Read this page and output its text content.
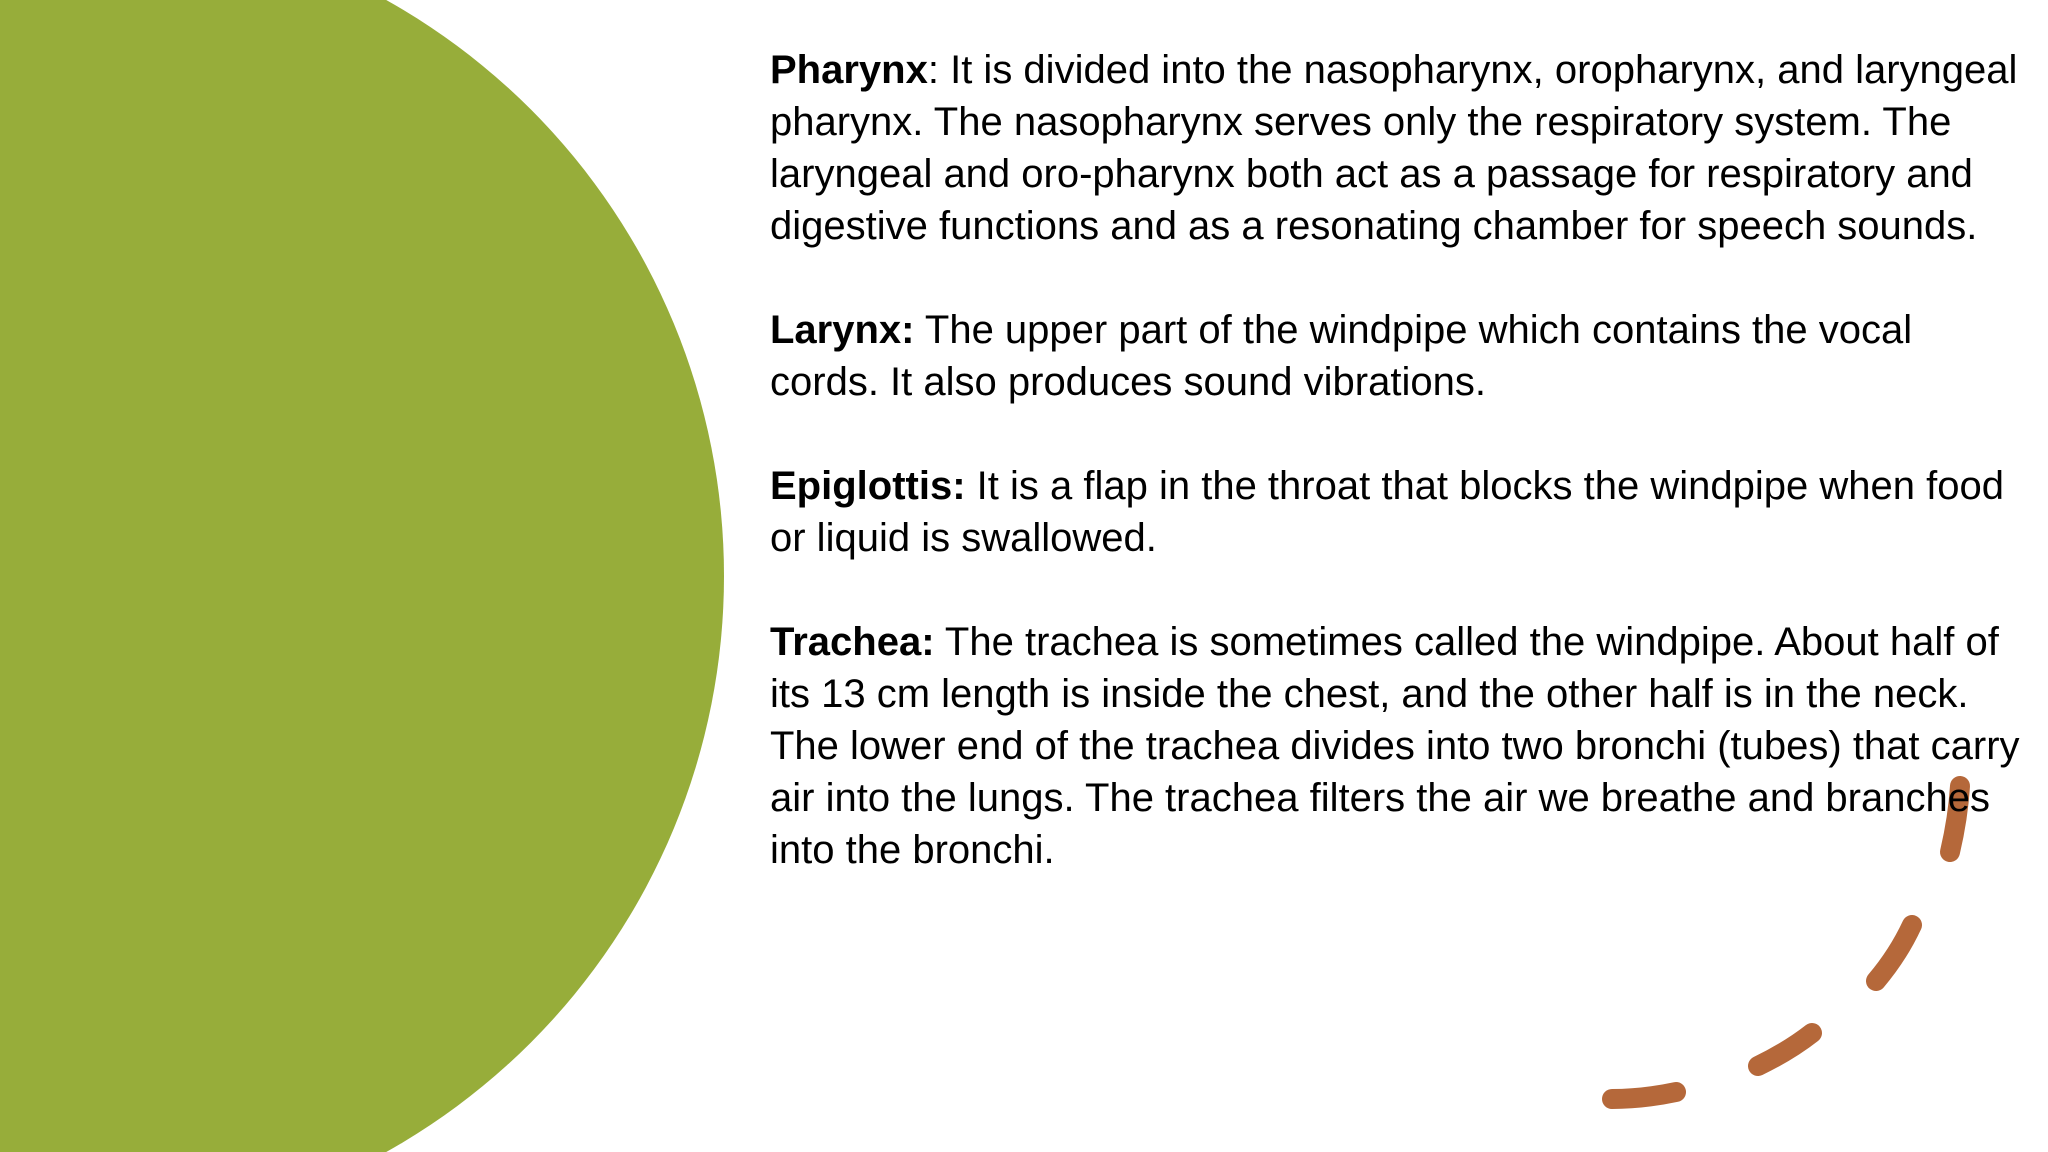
Pharynx: It is divided into the nasopharynx, oropharynx, and laryngeal pharynx. The nasopharynx serves only the respiratory system. The laryngeal and oro-pharynx both act as a passage for respiratory and digestive functions and as a resonating chamber for speech sounds.

Larynx: The upper part of the windpipe which contains the vocal cords. It also produces sound vibrations.

Epiglottis: It is a flap in the throat that blocks the windpipe when food or liquid is swallowed.

Trachea: The trachea is sometimes called the windpipe. About half of its 13 cm length is inside the chest, and the other half is in the neck. The lower end of the trachea divides into two bronchi (tubes) that carry air into the lungs. The trachea filters the air we breathe and branches into the bronchi.
